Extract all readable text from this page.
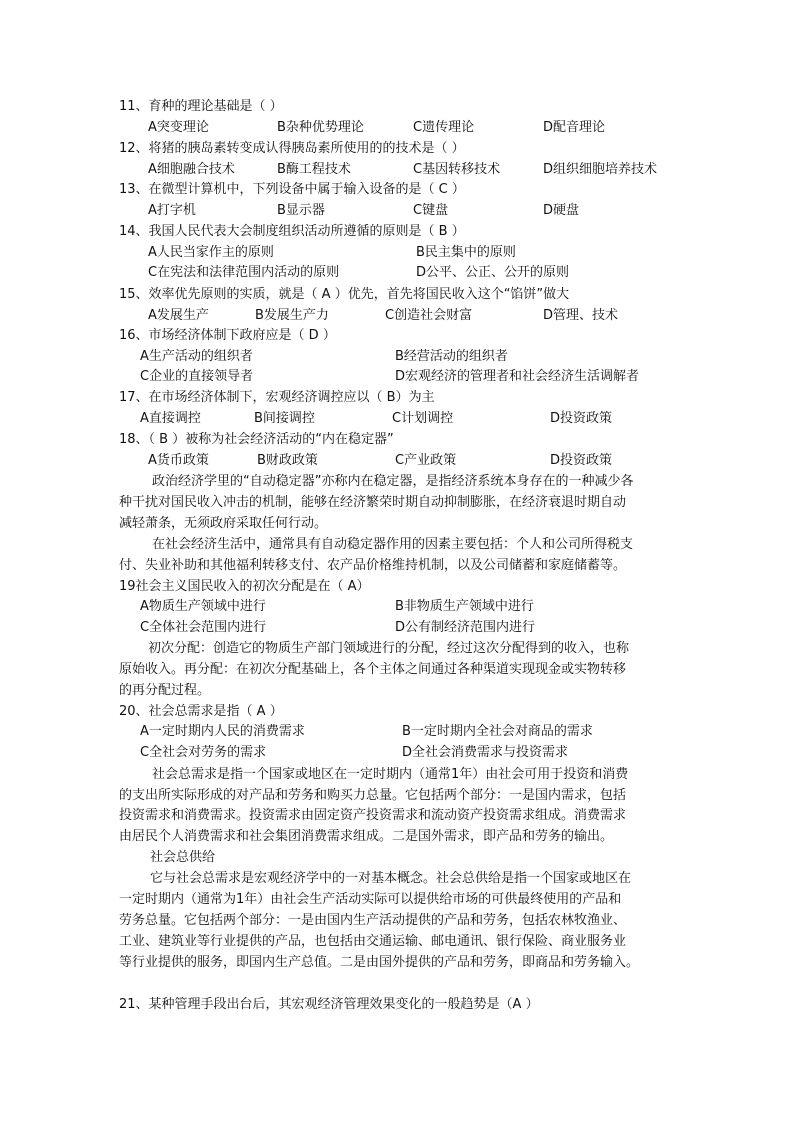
11、育种的理论基础是（ ）
A突变理论	B杂种优势理论	C遗传理论	D配音理论
12、将猪的胰岛素转变成认得胰岛素所使用的的技术是（ ）
A细胞融合技术	B酶工程技术	C基因转移技术	D组织细胞培养技术
13、在微型计算机中，下列设备中属于输入设备的是（ C ）
A打字机	B显示器	C键盘	D硬盘
14、我国人民代表大会制度组织活动所遵循的原则是（ B ）
A人民当家作主的原则	B民主集中的原则
C在宪法和法律范围内活动的原则	D公平、公正、公开的原则
15、效率优先原则的实质，就是（ A ）优先，首先将国民收入这个“馅饼”做大
A发展生产	B发展生产力	C创造社会财富	D管理、技术
16、市场经济体制下政府应是（ D ）
A生产活动的组织者	B经营活动的组织者
C企业的直接领导者	D宏观经济的管理者和社会经济生活调解者
17、在市场经济体制下，宏观经济调控应以（ B）为主
A直接调控	B间接调控	C计划调控	D投资政策
18、（ B ）被称为社会经济活动的“内在稳定器”
A货币政策	B财政政策	C产业政策	D投资政策
政治经济学里的“自动稳定器”亦称内在稳定器，是指经济系统本身存在的一种减少各
种干扰对国民收入冲击的机制，能够在经济繁荣时期自动抑制膨胀，在经济衰退时期自动
减轻萧条，无须政府采取任何行动。
在社会经济生活中，通常具有自动稳定器作用的因素主要包括：个人和公司所得税支
付、失业补助和其他福利转移支付、农产品价格维持机制，以及公司储蓄和家庭储蓄等。
19社会主义国民收入的初次分配是在（ A）
A物质生产领域中进行	B非物质生产领域中进行
C全体社会范围内进行	D公有制经济范围内进行
初次分配：创造它的物质生产部门领域进行的分配，经过这次分配得到的收入，也称
原始收入。再分配：在初次分配基础上，各个主体之间通过各种渠道实现现金或实物转移
的再分配过程。
20、社会总需求是指（ A ）
A一定时期内人民的消费需求	B一定时期内全社会对商品的需求
C全社会对劳务的需求	D全社会消费需求与投资需求
社会总需求是指一个国家或地区在一定时期内（通常1年）由社会可用于投资和消费
的支出所实际形成的对产品和劳务和购买力总量。它包括两个部分：一是国内需求，包括
投资需求和消费需求。投资需求由固定资产投资需求和流动资产投资需求组成。消费需求
由居民个人消费需求和社会集团消费需求组成。二是国外需求，即产品和劳务的输出。
社会总供给
它与社会总需求是宏观经济学中的一对基本概念。社会总供给是指一个国家或地区在
一定时期内（通常为1年）由社会生产活动实际可以提供给市场的可供最终使用的产品和
劳务总量。它包括两个部分：一是由国内生产活动提供的产品和劳务，包括农林牧渔业、
工业、建筑业等行业提供的产品，也包括由交通运输、邮电通讯、银行保险、商业服务业
等行业提供的服务，即国内生产总值。二是由国外提供的产品和劳务，即商品和劳务输入。
21、某种管理手段出台后，其宏观经济管理效果变化的一般趋势是（A ）
